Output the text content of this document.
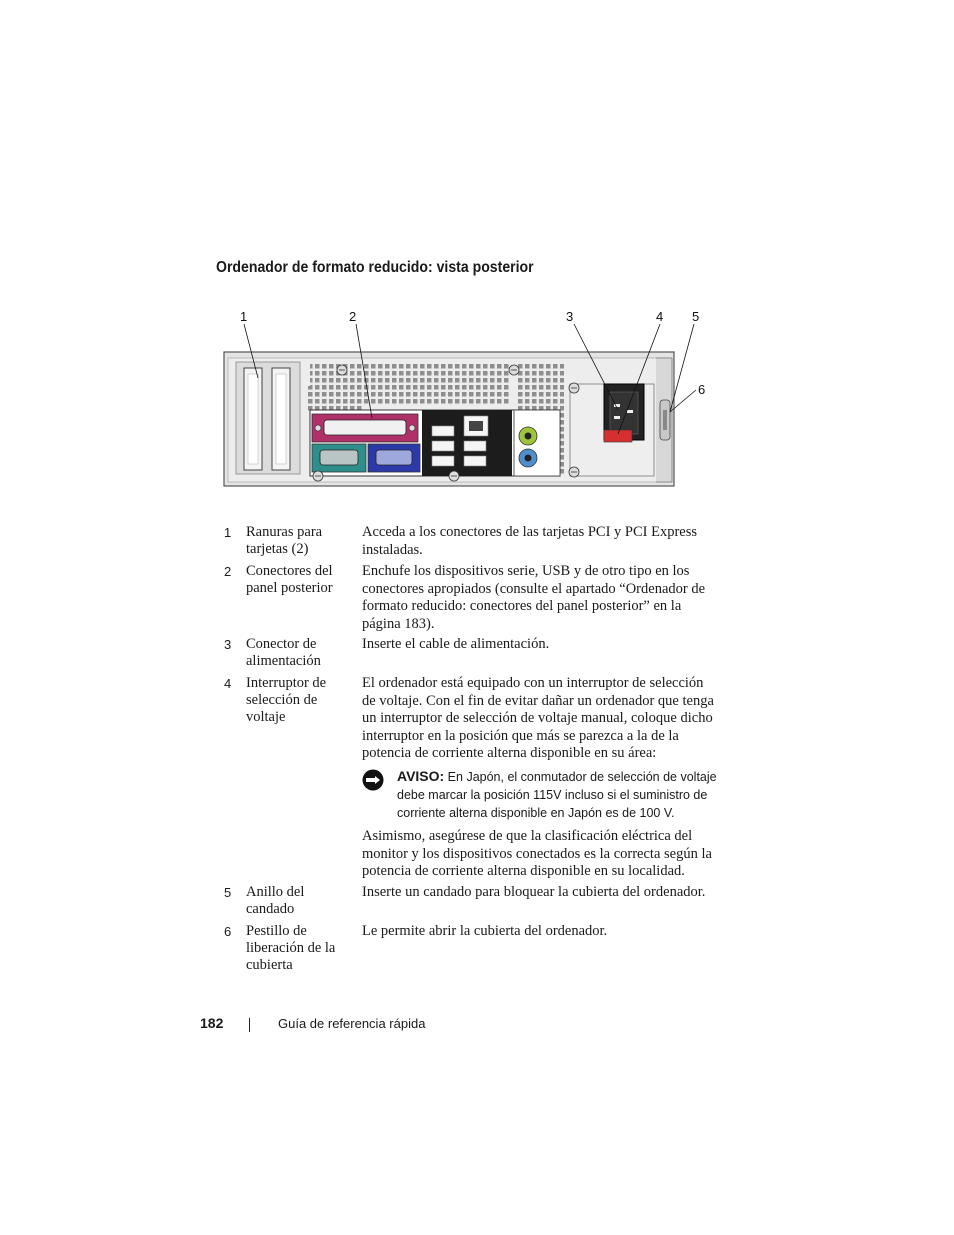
Ordenador de formato reducido: vista posterior
1	2	3	4 5
6
1 Ranuras para tarjetas (2)
Acceda a los conectores de las tarjetas PCI y PCI Express instaladas.
2 Conectores del panel posterior
Enchufe los dispositivos serie, USB y de otro tipo en los conectores apropiados (consulte el apartado “Ordenador de formato reducido: conectores del panel posterior” en la página 183).
3 Conector de alimentación
Inserte el cable de alimentación.
4 Interruptor de selección de voltaje
El ordenador está equipado con un interruptor de selección de voltaje. Con el fin de evitar dañar un ordenador que tenga un interruptor de selección de voltaje manual, coloque dicho interruptor en la posición que más se parezca a la de la potencia de corriente alterna disponible en su área:
AVISO: En Japón, el conmutador de selección de voltaje debe marcar la posición 115V incluso si el suministro de corriente alterna disponible en Japón es de 100 V.
Asimismo, asegúrese de que la clasificación eléctrica del monitor y los dispositivos conectados es la correcta según la potencia de corriente alterna disponible en su localidad.
5 Anillo del candado
Inserte un candado para bloquear la cubierta del ordenador.
6 Pestillo de liberación de la cubierta
Le permite abrir la cubierta del ordenador.
182	Guía de referencia rápida
